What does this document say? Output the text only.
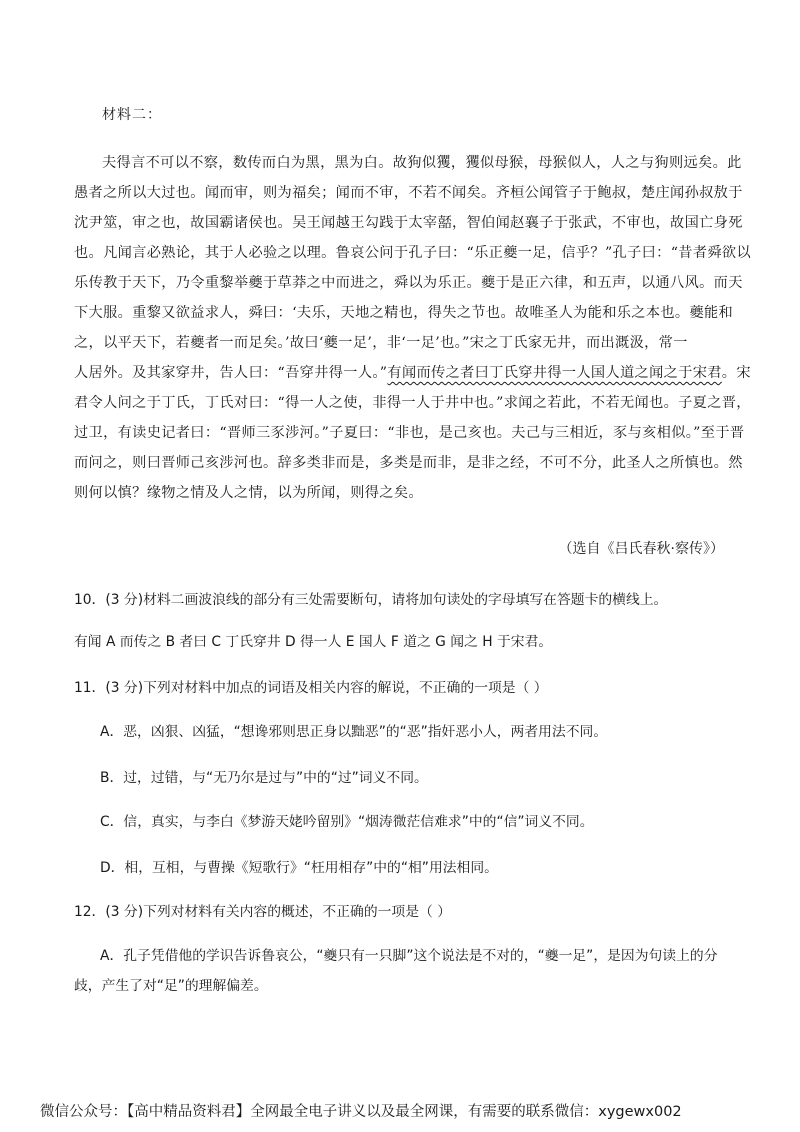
材料二：
夫得言不可以不察，数传而白为黑，黑为白。故狗似玃，玃似母猴，母猴似人，人之与狗则远矣。此
愚者之所以大过也。闻而审，则为福矣；闻而不审，不若不闻矣。齐桓公闻管子于鲍叔，楚庄闻孙叔敖于
沈尹筮，审之也，故国霸诸侯也。吴王闻越王勾践于太宰嚭，智伯闻赵襄子于张武，不审也，故国亡身死
也。凡闻言必熟论，其于人必验之以理。鲁哀公问于孔子曰：“乐正夔一足，信乎？”孔子曰：“昔者舜欲以
乐传教于天下，乃令重黎举夔于草莽之中而进之，舜以为乐正。夔于是正六律，和五声，以通八风。而天
下大服。重黎又欲益求人，舜曰：‘夫乐，天地之精也，得失之节也。故唯圣人为能和乐之本也。夔能和
之，以平天下，若夔者一而足矣。’故曰‘夔一足’，非‘一足’也。”宋之丁氏家无井，而出溉汲，常一
人居外。及其家穿井，告人曰：“吾穿井得一人。”有闻而传之者曰丁氏穿井得一人国人道之闻之于宋君。宋
君令人问之于丁氏，丁氏对曰：“得一人之使，非得一人于井中也。”求闻之若此，不若无闻也。子夏之晋，
过卫，有读史记者曰：“晋师三豕涉河。”子夏曰：“非也，是己亥也。夫己与三相近，豕与亥相似。”至于晋
而问之，则曰晋师己亥涉河也。辞多类非而是，多类是而非，是非之经，不可不分，此圣人之所慎也。然
则何以慎？缘物之情及人之情，以为所闻，则得之矣。
（选自《吕氏春秋·察传》）
10．(3 分)材料二画波浪线的部分有三处需要断句，请将加句读处的字母填写在答题卡的横线上。
有闻 A 而传之 B 者曰 C 丁氏穿井 D 得一人 E 国人 F 道之 G 闻之 H 于宋君。
11．(3 分)下列对材料中加点的词语及相关内容的解说，不正确的一项是（ ）
A．恶，凶狠、凶猛，“想谗邪则思正身以黜恶”的“恶”指奸恶小人，两者用法不同。
B．过，过错，与“无乃尔是过与”中的“过”词义不同。
C．信，真实，与李白《梦游天姥吟留别》“烟涛微茫信难求”中的“信”词义不同。
D．相，互相，与曹操《短歌行》“枉用相存”中的“相”用法相同。
12．(3 分)下列对材料有关内容的概述，不正确的一项是（ ）
A．孔子凭借他的学识告诉鲁哀公，“夔只有一只脚”这个说法是不对的，“夔一足”，是因为句读上的分
歧，产生了对“足”的理解偏差。
微信公众号：【高中精品资料君】全网最全电子讲义以及最全网课，有需要的联系微信：xygewx002
